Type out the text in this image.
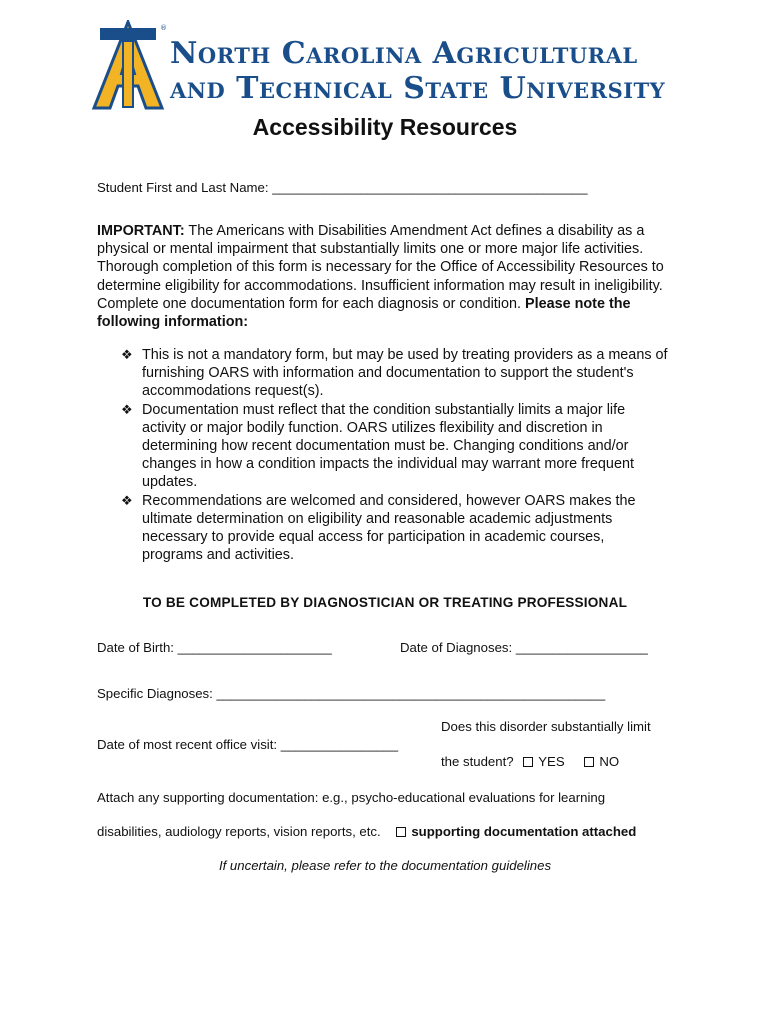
®
North Carolina Agricultural
and Technical State University
Accessibility Resources
Student First and Last Name: ___________________________________________
IMPORTANT: The Americans with Disabilities Amendment Act defines a disability as a physical or mental impairment that substantially limits one or more major life activities. Thorough completion of this form is necessary for the Office of Accessibility Resources to determine eligibility for accommodations. Insufficient information may result in ineligibility. Complete one documentation form for each diagnosis or condition. Please note the following information:
❖ This is not a mandatory form, but may be used by treating providers as a means of furnishing OARS with information and documentation to support the student's accommodations request(s).
❖ Documentation must reflect that the condition substantially limits a major life activity or major bodily function. OARS utilizes flexibility and discretion in determining how recent documentation must be. Changing conditions and/or changes in how a condition impacts the individual may warrant more frequent updates.
❖ Recommendations are welcomed and considered, however OARS makes the ultimate determination on eligibility and reasonable academic adjustments necessary to provide equal access for participation in academic courses, programs and activities.
TO BE COMPLETED BY DIAGNOSTICIAN OR TREATING PROFESSIONAL
Date of Birth: _____________________	Date of Diagnoses: __________________
Specific Diagnoses: _____________________________________________________
Does this disorder substantially limit
Date of most recent office visit: ________________
the student? YES	NO
Attach any supporting documentation: e.g., psycho-educational evaluations for learning
disabilities, audiology reports, vision reports, etc. supporting documentation attached
If uncertain, please refer to the documentation guidelines
